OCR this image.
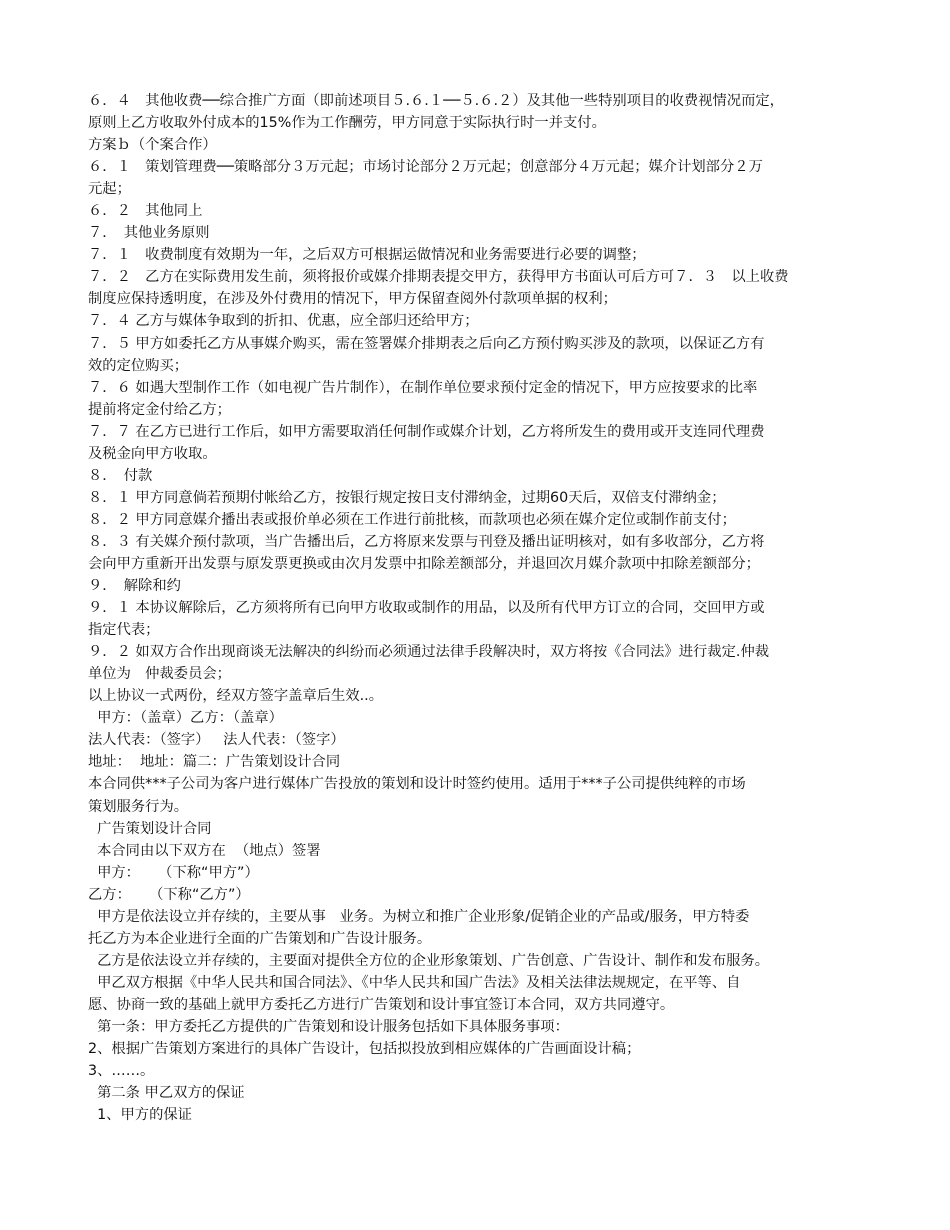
６．４　其他收费──综合推广方面（即前述项目５.６.１──５.６.２）及其他一些特别项目的收费视情况而定，

原则上乙方收取外付成本的15%作为工作酬劳，甲方同意于实际执行时一并支付。

方案ｂ（个案合作）

６．１　策划管理费──策略部分３万元起；市场讨论部分２万元起；创意部分４万元起；媒介计划部分２万

元起；

６．２　其他同上

７．　其他业务原则

７．１　收费制度有效期为一年，之后双方可根据运做情况和业务需要进行必要的调整；

７．２　乙方在实际费用发生前，须将报价或媒介排期表提交甲方，获得甲方书面认可后方可７．３　以上收费

制度应保持透明度，在涉及外付费用的情况下，甲方保留查阅外付款项单据的权利；

７．４ 乙方与媒体争取到的折扣、优惠，应全部归还给甲方；

７．５ 甲方如委托乙方从事媒介购买，需在签署媒介排期表之后向乙方预付购买涉及的款项，以保证乙方有

效的定位购买；

７．６ 如遇大型制作工作（如电视广告片制作），在制作单位要求预付定金的情况下，甲方应按要求的比率

提前将定金付给乙方；

７．７ 在乙方已进行工作后，如甲方需要取消任何制作或媒介计划，乙方将所发生的费用或开支连同代理费

及税金向甲方收取。

８．　付款

８．１ 甲方同意倘若预期付帐给乙方，按银行规定按日支付滞纳金，过期60天后，双倍支付滞纳金；

８．２ 甲方同意媒介播出表或报价单必须在工作进行前批核，而款项也必须在媒介定位或制作前支付；

８．３ 有关媒介预付款项，当广告播出后，乙方将原来发票与刊登及播出证明核对，如有多收部分，乙方将

会向甲方重新开出发票与原发票更换或由次月发票中扣除差额部分，并退回次月媒介款项中扣除差额部分；

９．　解除和约

９．１ 本协议解除后，乙方须将所有已向甲方收取或制作的用品，以及所有代甲方订立的合同，交回甲方或

指定代表；

９．２ 如双方合作出现商谈无法解决的纠纷而必须通过法律手段解决时，双方将按《合同法》进行裁定.仲裁

单位为　仲裁委员会；

以上协议一式两份，经双方签字盖章后生效..。

甲方：（盖章）乙方：（盖章）

法人代表：（签字）   法人代表：（签字）

地址：  地址：篇二：广告策划设计合同

本合同供***子公司为客户进行媒体广告投放的策划和设计时签约使用。适用于***子公司提供纯粹的市场

策划服务行为。

广告策划设计合同

本合同由以下双方在  （地点）签署

甲方：    （下称“甲方”）

乙方：    （下称“乙方”）

甲方是依法设立并存续的，主要从事   业务。为树立和推广企业形象/促销企业的产品或/服务，甲方特委

托乙方为本企业进行全面的广告策划和广告设计服务。

乙方是依法设立并存续的，主要面对提供全方位的企业形象策划、广告创意、广告设计、制作和发布服务。

甲乙双方根据《中华人民共和国合同法》、《中华人民共和国广告法》及相关法律法规规定，在平等、自

愿、协商一致的基础上就甲方委托乙方进行广告策划和设计事宜签订本合同，双方共同遵守。

第一条：甲方委托乙方提供的广告策划和设计服务包括如下具体服务事项：

2、根据广告策划方案进行的具体广告设计，包括拟投放到相应媒体的广告画面设计稿；

3、……。

第二条 甲乙双方的保证

1、甲方的保证
